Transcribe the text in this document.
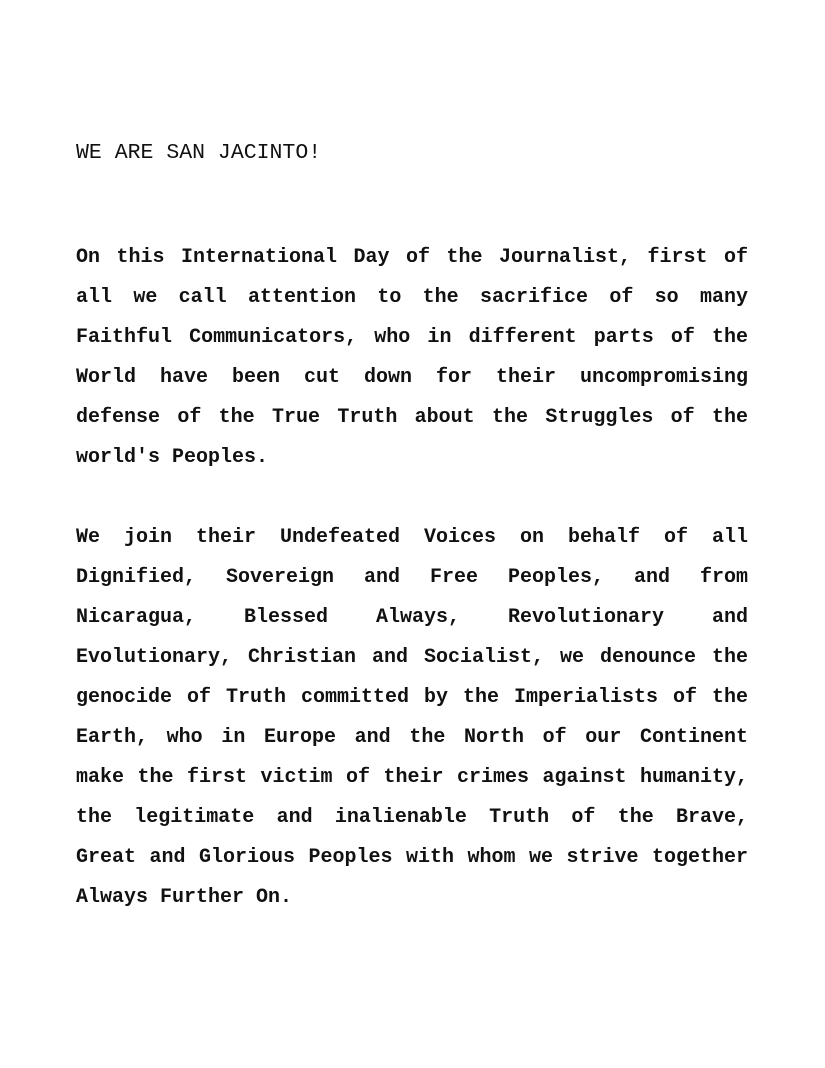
WE ARE SAN JACINTO!

On this International Day of the Journalist, first of all we call attention to the sacrifice of so many Faithful Communicators, who in different parts of the World have been cut down for their uncompromising defense of the True Truth about the Struggles of the world's Peoples.

We join their Undefeated Voices on behalf of all Dignified, Sovereign and Free Peoples, and from Nicaragua, Blessed Always, Revolutionary and Evolutionary, Christian and Socialist, we denounce the genocide of Truth committed by the Imperialists of the Earth, who in Europe and the North of our Continent make the first victim of their crimes against humanity, the legitimate and inalienable Truth of the Brave, Great and Glorious Peoples with whom we strive together Always Further On.
